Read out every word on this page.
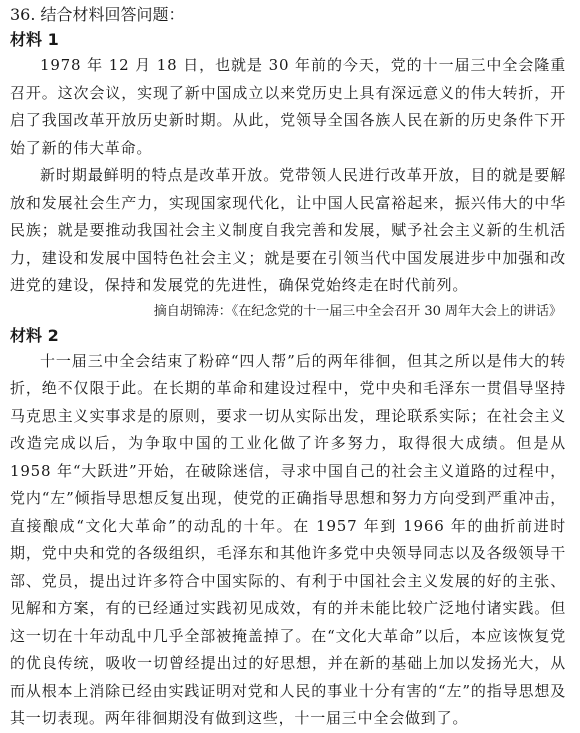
36. 结合材料回答问题：

材料 1

1978 年 12 月 18 日，也就是 30 年前的今天，党的十一届三中全会隆重召开。这次会议，实现了新中国成立以来党历史上具有深远意义的伟大转折，开启了我国改革开放历史新时期。从此，党领导全国各族人民在新的历史条件下开始了新的伟大革命。

新时期最鲜明的特点是改革开放。党带领人民进行改革开放，目的就是要解放和发展社会生产力，实现国家现代化，让中国人民富裕起来，振兴伟大的中华民族；就是要推动我国社会主义制度自我完善和发展，赋予社会主义新的生机活力，建设和发展中国特色社会主义；就是要在引领当代中国发展进步中加强和改进党的建设，保持和发展党的先进性，确保党始终走在时代前列。

摘自胡锦涛：《在纪念党的十一届三中全会召开 30 周年大会上的讲话》

材料 2

十一届三中全会结束了粉碎“四人帮”后的两年徘徊，但其之所以是伟大的转折，绝不仅限于此。在长期的革命和建设过程中，党中央和毛泽东一贯倡导坚持马克思主义实事求是的原则，要求一切从实际出发，理论联系实际；在社会主义改造完成以后，为争取中国的工业化做了许多努力，取得很大成绩。但是从 1958 年“大跃进”开始，在破除迷信，寻求中国自己的社会主义道路的过程中，党内“左”倾指导思想反复出现，使党的正确指导思想和努力方向受到严重冲击，直接酿成“文化大革命”的动乱的十年。在 1957 年到 1966 年的曲折前进时期，党中央和党的各级组织，毛泽东和其他许多党中央领导同志以及各级领导干部、党员，提出过许多符合中国实际的、有利于中国社会主义发展的好的主张、见解和方案，有的已经通过实践初见成效，有的并未能比较广泛地付诸实践。但这一切在十年动乱中几乎全部被掩盖掉了。在“文化大革命”以后，本应该恢复党的优良传统，吸收一切曾经提出过的好思想，并在新的基础上加以发扬光大，从而从根本上消除已经由实践证明对党和人民的事业十分有害的“左”的指导思想及其一切表现。两年徘徊期没有做到这些，十一届三中全会做到了。
